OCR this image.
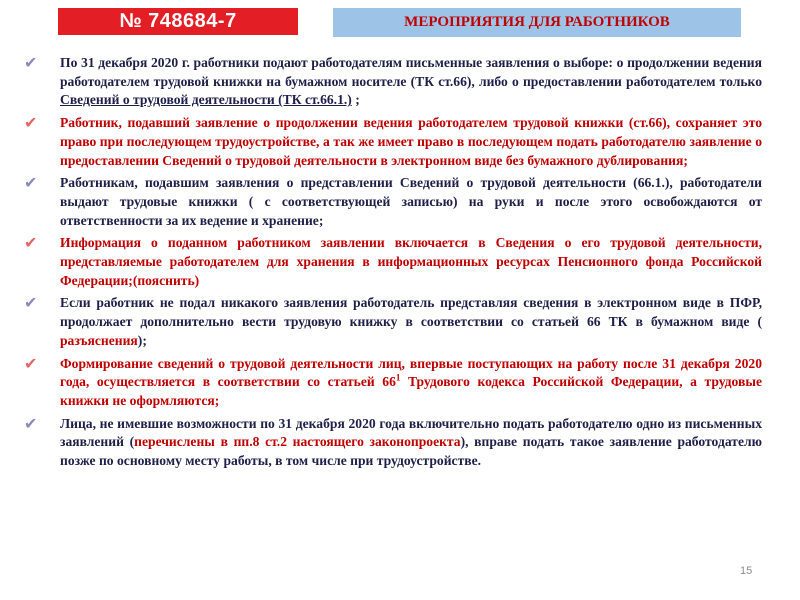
№ 748684-7	МЕРОПРИЯТИЯ ДЛЯ РАБОТНИКОВ
✔ По 31 декабря 2020 г. работники подают работодателям письменные заявления о выборе: о продолжении ведения работодателем трудовой книжки на бумажном носителе (ТК ст.66), либо о предоставлении работодателем только Сведений о трудовой деятельности (ТК ст.66.1.) ;
✔ Работник, подавший заявление о продолжении ведения работодателем трудовой книжки (ст.66), сохраняет это право при последующем трудоустройстве, а так же имеет право в последующем подать работодателю заявление о предоставлении Сведений о трудовой деятельности в электронном виде без бумажного дублирования;
✔ Работникам, подавшим заявления о представлении Сведений о трудовой деятельности (66.1.), работодатели выдают трудовые книжки ( с соответствующей записью) на руки и после этого освобождаются от ответственности за их ведение и хранение;
✔ Информация о поданном работником заявлении включается в Сведения о его трудовой деятельности, представляемые работодателем для хранения в информационных ресурсах Пенсионного фонда Российской Федерации;(пояснить)
✔ Если работник не подал никакого заявления работодатель представляя сведения в электронном виде в ПФР, продолжает дополнительно вести трудовую книжку в соответствии со статьей 66 ТК в бумажном виде ( разъяснения);
✔ Формирование сведений о трудовой деятельности лиц, впервые поступающих на работу после 31 декабря 2020 года, осуществляется в соответствии со статьей $66^1$ Трудового кодекса Российской Федерации, а трудовые книжки не оформляются;
✔ Лица, не имевшие возможности по 31 декабря 2020 года включительно подать работодателю одно из письменных заявлений (перечислены в пп.8 ст.2 настоящего законопроекта), вправе подать такое заявление работодателю позже по основному месту работы, в том числе при трудоустройстве.
15
